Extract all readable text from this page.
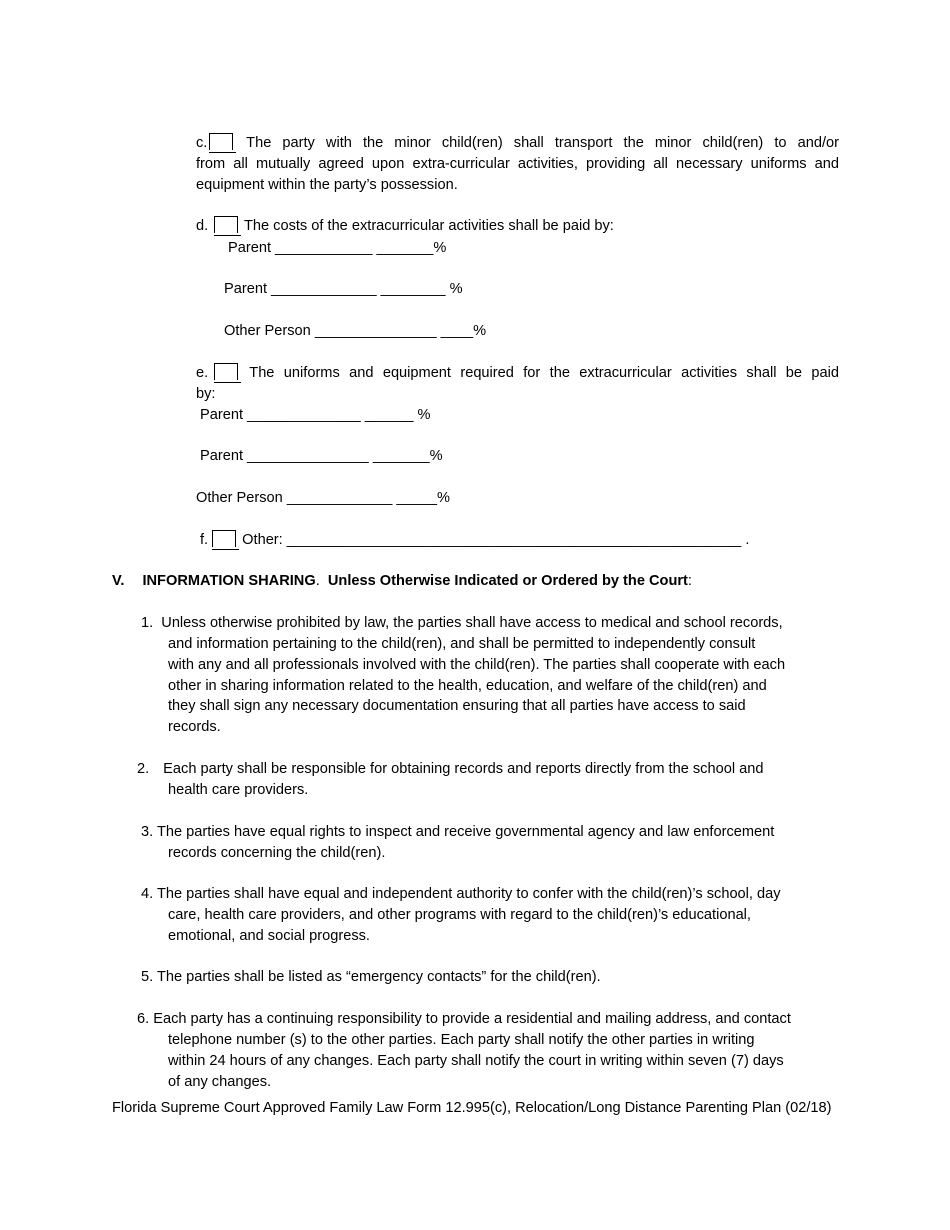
c.	The party with the minor child(ren) shall transport the minor child(ren) to and/or
from all mutually agreed upon extra-curricular activities, providing all necessary uniforms and
equipment within the party’s possession.
d. The costs of the extracurricular activities shall be paid by:
Parent ____________ _______%
Parent _____________ ________ %
Other Person _______________ ____%
e.	The uniforms and equipment required for the extracurricular activities shall be paid
by:
Parent ______________ ______ %
Parent _______________ _______%
Other Person _____________ _____%
f. Other: ________________________________________________________ .
V. INFORMATION SHARING.  Unless Otherwise Indicated or Ordered by the Court:
1. Unless otherwise prohibited by law, the parties shall have access to medical and school records,
and information pertaining to the child(ren), and shall be permitted to independently consult
with any and all professionals involved with the child(ren). The parties shall cooperate with each
other in sharing information related to the health, education, and welfare of the child(ren) and
they shall sign any necessary documentation ensuring that all parties have access to said
records.
2. Each party shall be responsible for obtaining records and reports directly from the school and
health care providers.
3. The parties have equal rights to inspect and receive governmental agency and law enforcement
records concerning the child(ren).
4. The parties shall have equal and independent authority to confer with the child(ren)’s school, day
care, health care providers, and other programs with regard to the child(ren)’s educational,
emotional, and social progress.
5. The parties shall be listed as “emergency contacts” for the child(ren).
6. Each party has a continuing responsibility to provide a residential and mailing address, and contact
telephone number (s) to the other parties. Each party shall notify the other parties in writing
within 24 hours of any changes. Each party shall notify the court in writing within seven (7) days
of any changes.
Florida Supreme Court Approved Family Law Form 12.995(c), Relocation/Long Distance Parenting Plan (02/18)
